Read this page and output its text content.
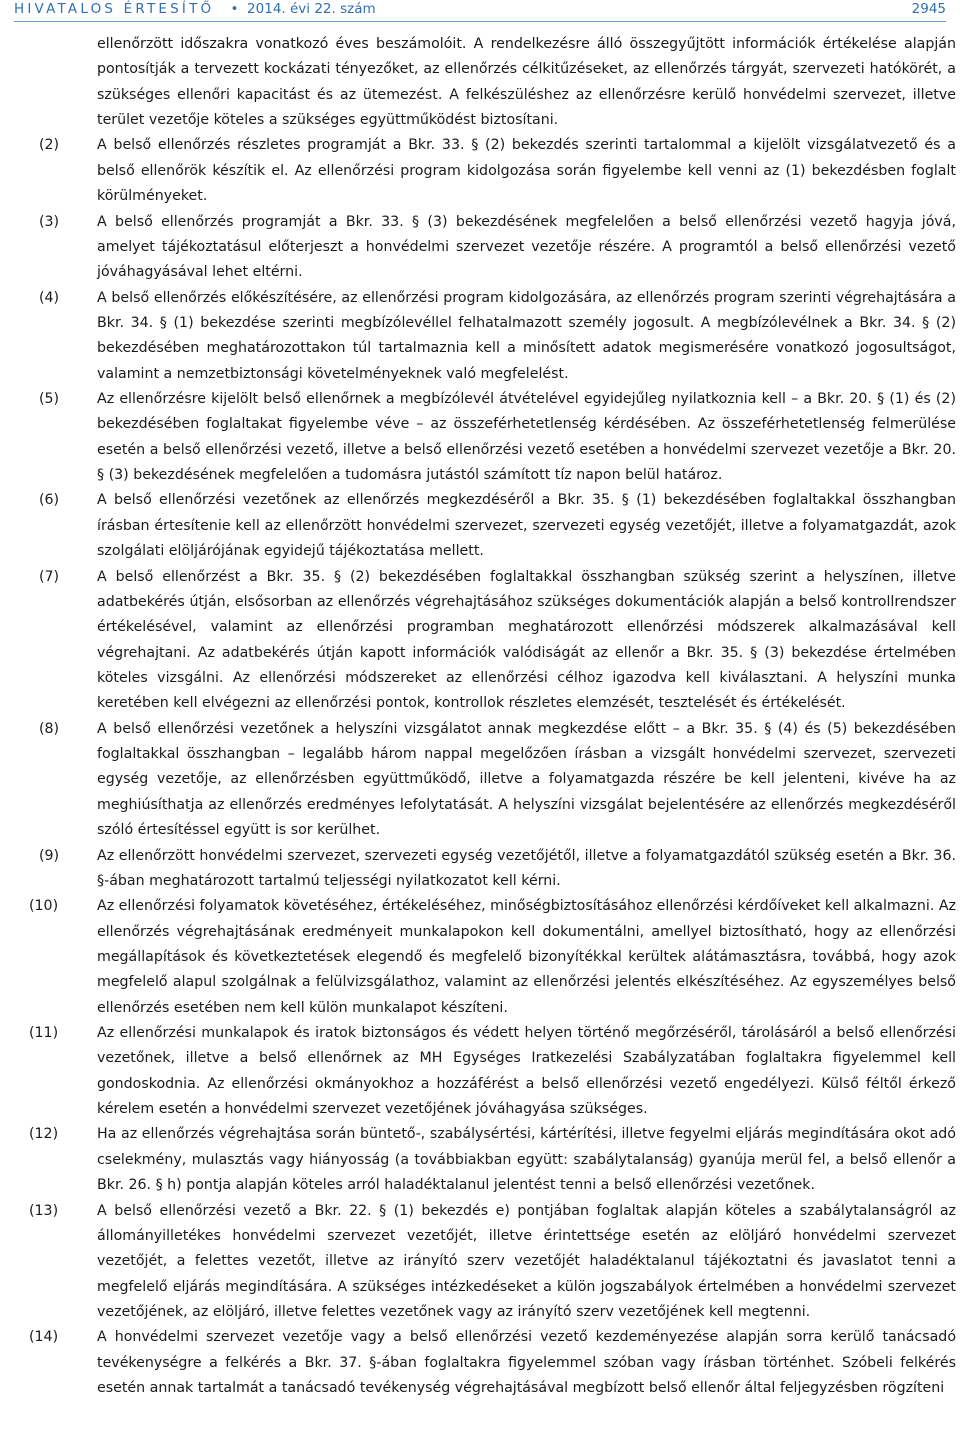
HIVATALOS ÉRTESÍTŐ • 2014. évi 22. szám	2945
ellenőrzött időszakra vonatkozó éves beszámolóit. A rendelkezésre álló összegyűjtött információk értékelése alapján pontosítják a tervezett kockázati tényezőket, az ellenőrzés célkitűzéseket, az ellenőrzés tárgyát, szervezeti hatókörét, a szükséges ellenőri kapacitást és az ütemezést. A felkészüléshez az ellenőrzésre kerülő honvédelmi szervezet, illetve terület vezetője köteles a szükséges együttműködést biztosítani.
(2)	A belső ellenőrzés részletes programját a Bkr. 33. § (2) bekezdés szerinti tartalommal a kijelölt vizsgálatvezető és a belső ellenőrök készítik el. Az ellenőrzési program kidolgozása során figyelembe kell venni az (1) bekezdésben foglalt körülményeket.
(3)	A belső ellenőrzés programját a Bkr. 33. § (3) bekezdésének megfelelően a belső ellenőrzési vezető hagyja jóvá, amelyet tájékoztatásul előterjeszt a honvédelmi szervezet vezetője részére. A programtól a belső ellenőrzési vezető jóváhagyásával lehet eltérni.
(4)	A belső ellenőrzés előkészítésére, az ellenőrzési program kidolgozására, az ellenőrzés program szerinti végrehajtására a Bkr. 34. § (1) bekezdése szerinti megbízólevéllel felhatalmazott személy jogosult. A megbízólevélnek a Bkr. 34. § (2) bekezdésében meghatározottakon túl tartalmaznia kell a minősített adatok megismerésére vonatkozó jogosultságot, valamint a nemzetbiztonsági követelményeknek való megfelelést.
(5)	Az ellenőrzésre kijelölt belső ellenőrnek a megbízólevél átvételével egyidejűleg nyilatkoznia kell – a Bkr. 20. § (1) és (2) bekezdésében foglaltakat figyelembe véve – az összeférhetetlenség kérdésében. Az összeférhetetlenség felmerülése esetén a belső ellenőrzési vezető, illetve a belső ellenőrzési vezető esetében a honvédelmi szervezet vezetője a Bkr. 20. § (3) bekezdésének megfelelően a tudomásra jutástól számított tíz napon belül határoz.
(6)	A belső ellenőrzési vezetőnek az ellenőrzés megkezdéséről a Bkr. 35. § (1) bekezdésében foglaltakkal összhangban írásban értesítenie kell az ellenőrzött honvédelmi szervezet, szervezeti egység vezetőjét, illetve a folyamatgazdát, azok szolgálati elöljárójának egyidejű tájékoztatása mellett.
(7)	A belső ellenőrzést a Bkr. 35. § (2) bekezdésében foglaltakkal összhangban szükség szerint a helyszínen, illetve adatbekérés útján, elsősorban az ellenőrzés végrehajtásához szükséges dokumentációk alapján a belső kontrollrendszer értékelésével, valamint az ellenőrzési programban meghatározott ellenőrzési módszerek alkalmazásával kell végrehajtani. Az adatbekérés útján kapott információk valódiságát az ellenőr a Bkr. 35. § (3) bekezdése értelmében köteles vizsgálni. Az ellenőrzési módszereket az ellenőrzési célhoz igazodva kell kiválasztani. A helyszíni munka keretében kell elvégezni az ellenőrzési pontok, kontrollok részletes elemzését, tesztelését és értékelését.
(8)	A belső ellenőrzési vezetőnek a helyszíni vizsgálatot annak megkezdése előtt – a Bkr. 35. § (4) és (5) bekezdésében foglaltakkal összhangban – legalább három nappal megelőzően írásban a vizsgált honvédelmi szervezet, szervezeti egység vezetője, az ellenőrzésben együttműködő, illetve a folyamatgazda részére be kell jelenteni, kivéve ha az meghiúsíthatja az ellenőrzés eredményes lefolytatását. A helyszíni vizsgálat bejelentésére az ellenőrzés megkezdéséről szóló értesítéssel együtt is sor kerülhet.
(9)	Az ellenőrzött honvédelmi szervezet, szervezeti egység vezetőjétől, illetve a folyamatgazdától szükség esetén a Bkr. 36. §-ában meghatározott tartalmú teljességi nyilatkozatot kell kérni.
(10)	Az ellenőrzési folyamatok követéséhez, értékeléséhez, minőségbiztosításához ellenőrzési kérdőíveket kell alkalmazni. Az ellenőrzés végrehajtásának eredményeit munkalapokon kell dokumentálni, amellyel biztosítható, hogy az ellenőrzési megállapítások és következtetések elegendő és megfelelő bizonyítékkal kerültek alátámasztásra, továbbá, hogy azok megfelelő alapul szolgálnak a felülvizsgálathoz, valamint az ellenőrzési jelentés elkészítéséhez. Az egyszemélyes belső ellenőrzés esetében nem kell külön munkalapot készíteni.
(11)	Az ellenőrzési munkalapok és iratok biztonságos és védett helyen történő megőrzéséről, tárolásáról a belső ellenőrzési vezetőnek, illetve a belső ellenőrnek az MH Egységes Iratkezelési Szabályzatában foglaltakra figyelemmel kell gondoskodnia. Az ellenőrzési okmányokhoz a hozzáférést a belső ellenőrzési vezető engedélyezi. Külső féltől érkező kérelem esetén a honvédelmi szervezet vezetőjének jóváhagyása szükséges.
(12)	Ha az ellenőrzés végrehajtása során büntető-, szabálysértési, kártérítési, illetve fegyelmi eljárás megindítására okot adó cselekmény, mulasztás vagy hiányosság (a továbbiakban együtt: szabálytalanság) gyanúja merül fel, a belső ellenőr a Bkr. 26. § h) pontja alapján köteles arról haladéktalanul jelentést tenni a belső ellenőrzési vezetőnek.
(13)	A belső ellenőrzési vezető a Bkr. 22. § (1) bekezdés e) pontjában foglaltak alapján köteles a szabálytalanságról az állományilletékes honvédelmi szervezet vezetőjét, illetve érintettsége esetén az elöljáró honvédelmi szervezet vezetőjét, a felettes vezetőt, illetve az irányító szerv vezetőjét haladéktalanul tájékoztatni és javaslatot tenni a megfelelő eljárás megindítására. A szükséges intézkedéseket a külön jogszabályok értelmében a honvédelmi szervezet vezetőjének, az elöljáró, illetve felettes vezetőnek vagy az irányító szerv vezetőjének kell megtenni.
(14)	A honvédelmi szervezet vezetője vagy a belső ellenőrzési vezető kezdeményezése alapján sorra kerülő tanácsadó tevékenységre a felkérés a Bkr. 37. §-ában foglaltakra figyelemmel szóban vagy írásban történhet. Szóbeli felkérés esetén annak tartalmát a tanácsadó tevékenység végrehajtásával megbízott belső ellenőr által feljegyzésben rögzíteni
